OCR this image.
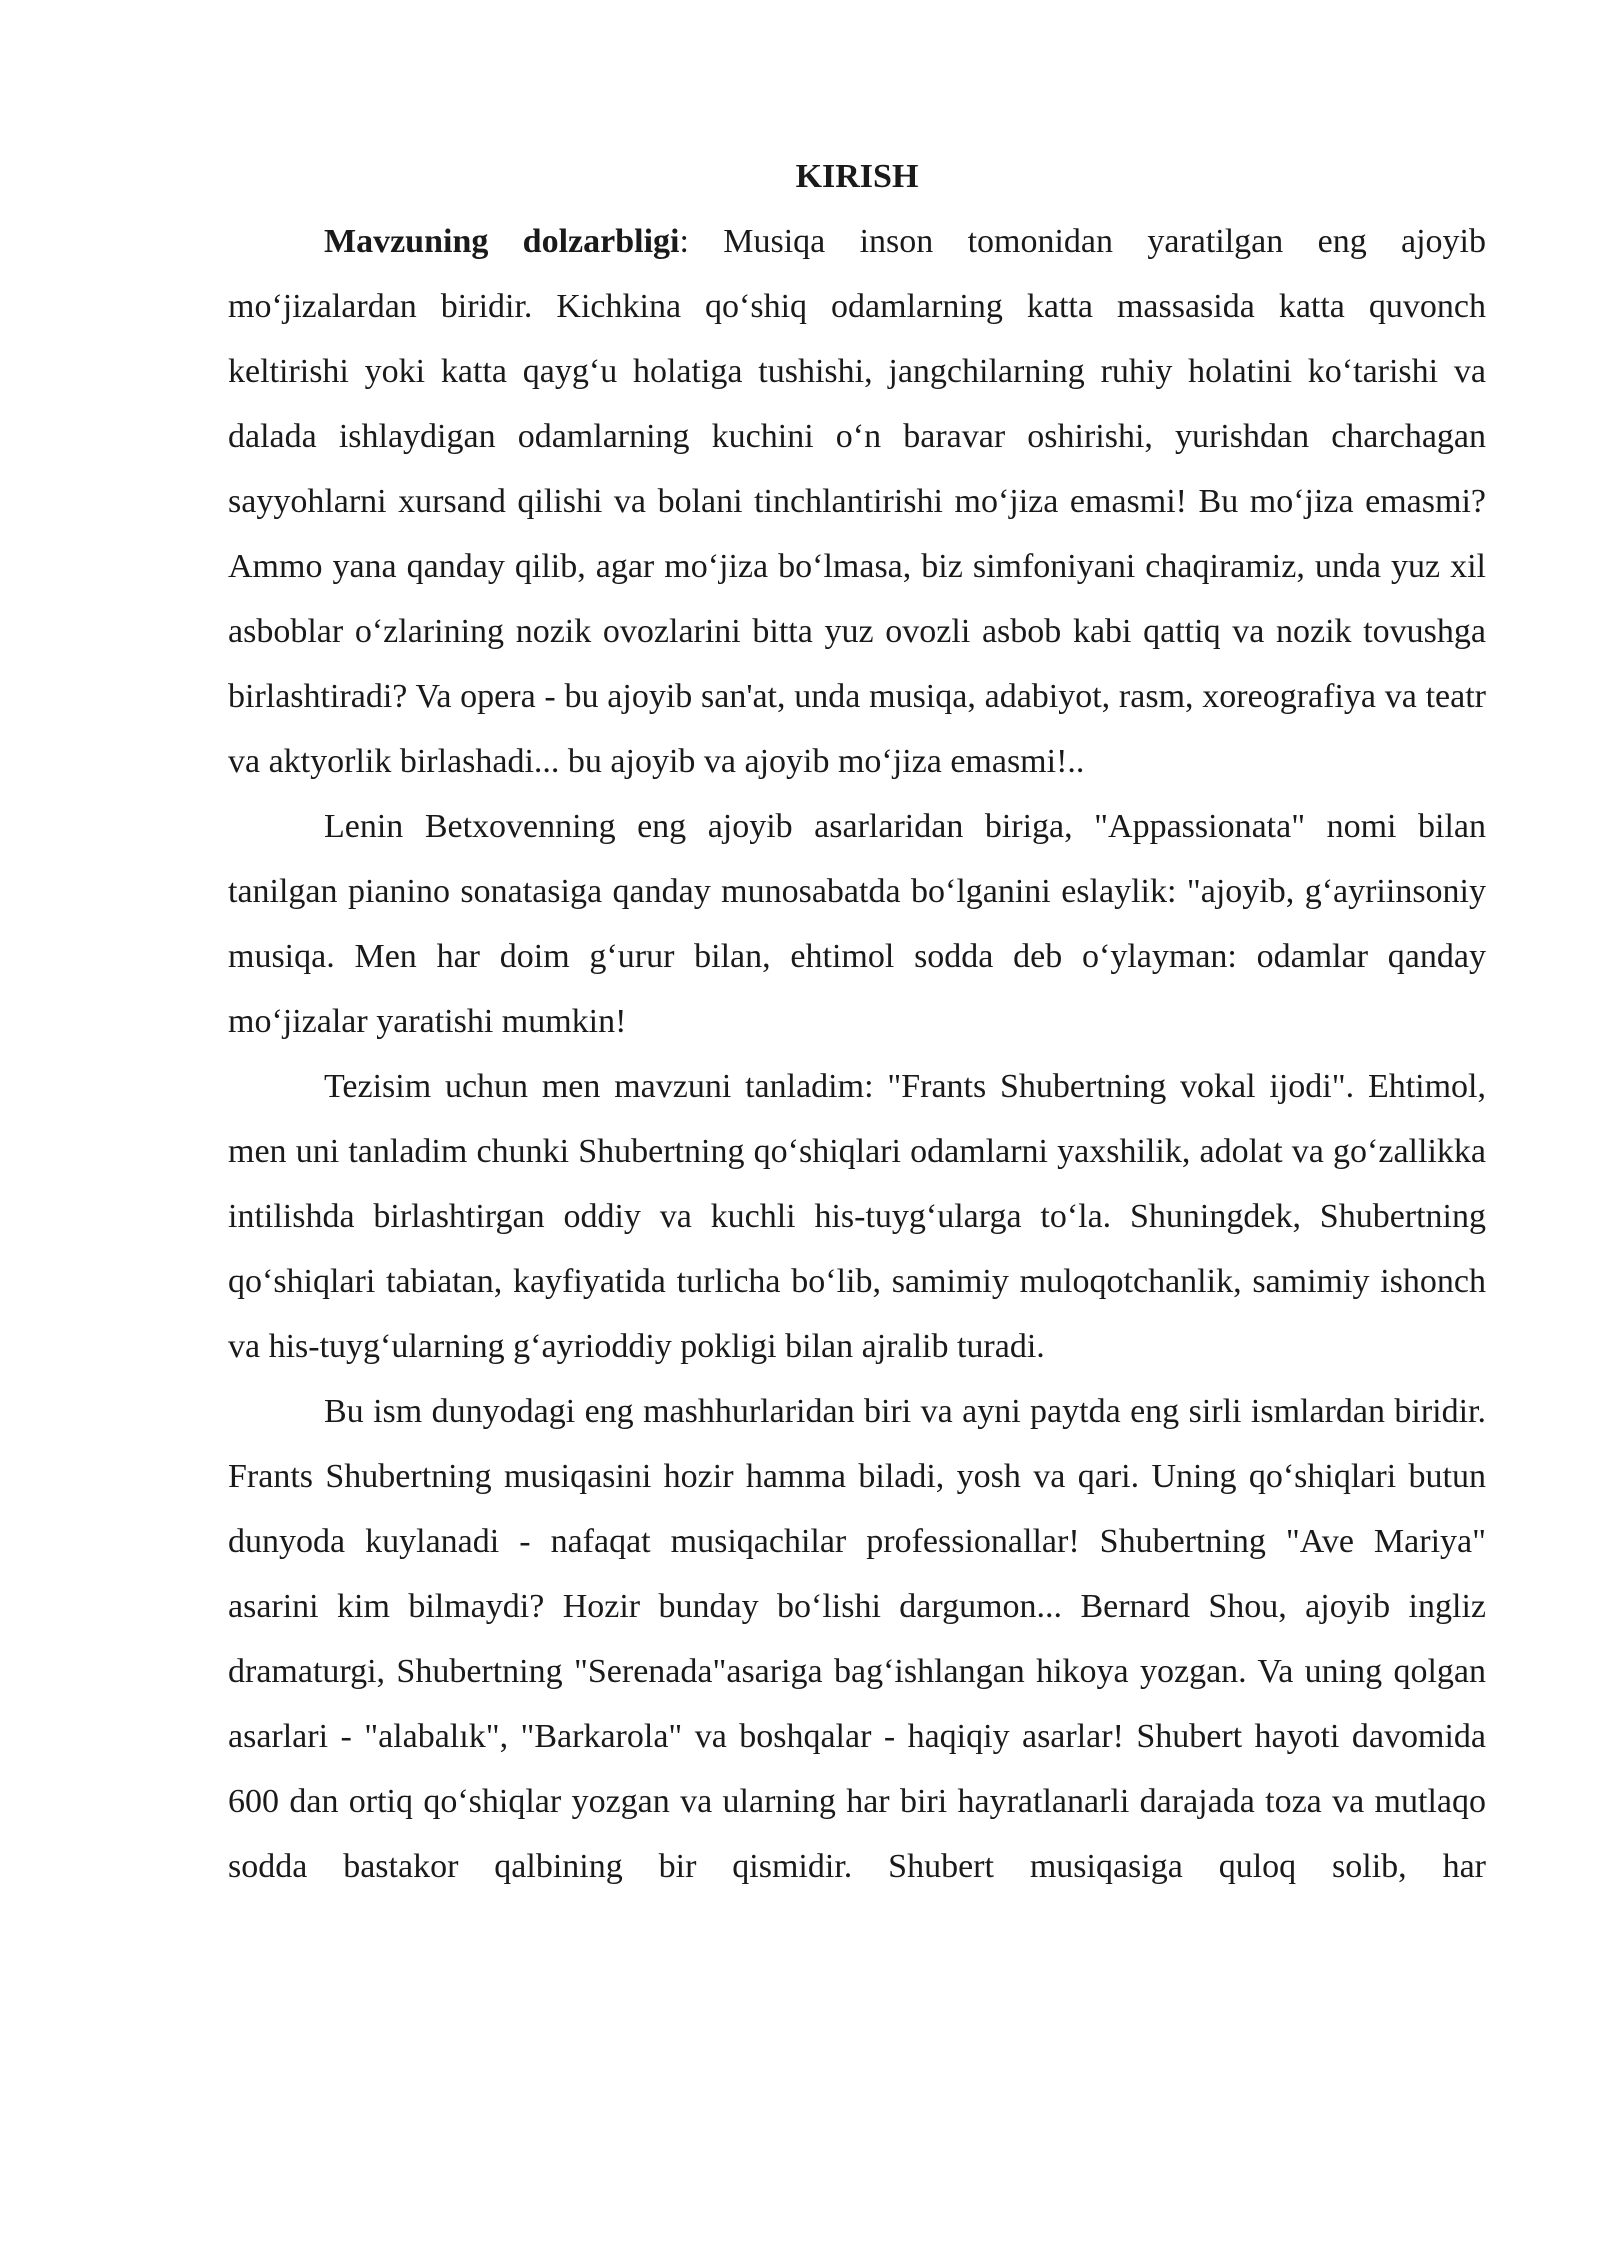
KIRISH

Mavzuning dolzarbligi: Musiqa inson tomonidan yaratilgan eng ajoyib moʻjizalardan biridir. Kichkina qoʻshiq odamlarning katta massasida katta quvonch keltirishi yoki katta qaygʻu holatiga tushishi, jangchilarning ruhiy holatini koʻtarishi va dalada ishlaydigan odamlarning kuchini oʻn baravar oshirishi, yurishdan charchagan sayyohlarni xursand qilishi va bolani tinchlantirishi moʻjiza emasmi! Bu moʻjiza emasmi? Ammo yana qanday qilib, agar moʻjiza boʻlmasa, biz simfoniyani chaqiramiz, unda yuz xil asboblar oʻzlarining nozik ovozlarini bitta yuz ovozli asbob kabi qattiq va nozik tovushga birlashtiradi? Va opera - bu ajoyib san'at, unda musiqa, adabiyot, rasm, xoreografiya va teatr va aktyorlik birlashadi... bu ajoyib va ajoyib moʻjiza emasmi!..

Lenin Betxovenning eng ajoyib asarlaridan biriga, "Appassionata" nomi bilan tanilgan pianino sonatasiga qanday munosabatda boʻlganini eslaylik: "ajoyib, gʻayriinsoniy musiqa. Men har doim gʻurur bilan, ehtimol sodda deb oʻylayman: odamlar qanday moʻjizalar yaratishi mumkin!

Tezisim uchun men mavzuni tanladim: "Frants Shubertning vokal ijodi". Ehtimol, men uni tanladim chunki Shubertning qoʻshiqlari odamlarni yaxshilik, adolat va goʻzallikka intilishda birlashtirgan oddiy va kuchli his-tuygʻularga toʻla. Shuningdek, Shubertning qoʻshiqlari tabiatan, kayfiyatida turlicha boʻlib, samimiy muloqotchanlik, samimiy ishonch va his-tuygʻularning gʻayrioddiy pokligi bilan ajralib turadi.

Bu ism dunyodagi eng mashhurlaridan biri va ayni paytda eng sirli ismlardan biridir. Frants Shubertning musiqasini hozir hamma biladi, yosh va qari. Uning qoʻshiqlari butun dunyoda kuylanadi - nafaqat musiqachilar professionallar! Shubertning "Ave Mariya" asarini kim bilmaydi? Hozir bunday boʻlishi dargumon... Bernard Shou, ajoyib ingliz dramaturgi, Shubertning "Serenada"asariga bagʻishlangan hikoya yozgan. Va uning qolgan asarlari - "alabalık", "Barkarola" va boshqalar - haqiqiy asarlar! Shubert hayoti davomida 600 dan ortiq qoʻshiqlar yozgan va ularning har biri hayratlanarli darajada toza va mutlaqo sodda bastakor qalbining bir qismidir. Shubert musiqasiga quloq solib, har
